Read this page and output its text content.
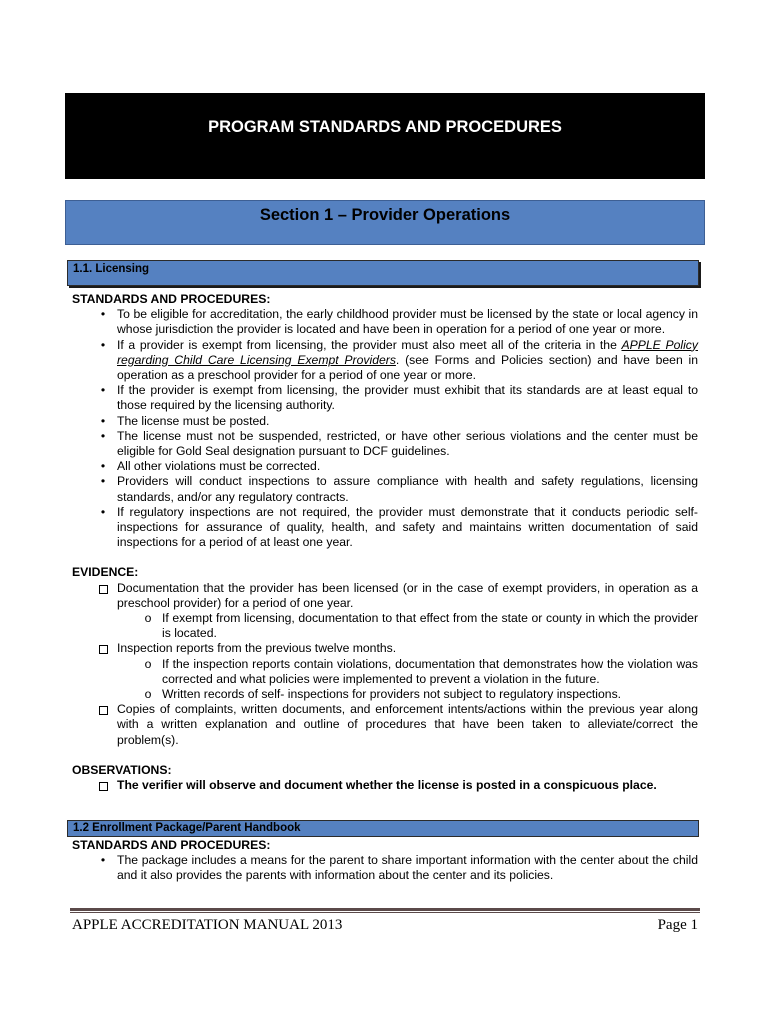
PROGRAM STANDARDS AND PROCEDURES
Section 1 – Provider Operations
1.1. Licensing

STANDARDS AND PROCEDURES:

• To be eligible for accreditation, the early childhood provider must be licensed by the state or local agency in whose jurisdiction the provider is located and have been in operation for a period of one year or more.
• If a provider is exempt from licensing, the provider must also meet all of the criteria in the APPLE Policy regarding Child Care Licensing Exempt Providers. (see Forms and Policies section) and have been in operation as a preschool provider for a period of one year or more.
• If the provider is exempt from licensing, the provider must exhibit that its standards are at least equal to those required by the licensing authority.
• The license must be posted.
• The license must not be suspended, restricted, or have other serious violations and the center must be eligible for Gold Seal designation pursuant to DCF guidelines.
• All other violations must be corrected.
• Providers will conduct inspections to assure compliance with health and safety regulations, licensing standards, and/or any regulatory contracts.
• If regulatory inspections are not required, the provider must demonstrate that it conducts periodic self-inspections for assurance of quality, health, and safety and maintains written documentation of said inspections for a period of at least one year.

EVIDENCE:

Documentation that the provider has been licensed (or in the case of exempt providers, in operation as a preschool provider) for a period of one year.
o If exempt from licensing, documentation to that effect from the state or county in which the provider is located.
Inspection reports from the previous twelve months.
o If the inspection reports contain violations, documentation that demonstrates how the violation was corrected and what policies were implemented to prevent a violation in the future.
o Written records of self- inspections for providers not subject to regulatory inspections.
Copies of complaints, written documents, and enforcement intents/actions within the previous year along with a written explanation and outline of procedures that have been taken to alleviate/correct the problem(s).

OBSERVATIONS:

The verifier will observe and document whether the license is posted in a conspicuous place.
1.2 Enrollment Package/Parent Handbook

STANDARDS AND PROCEDURES:

• The package includes a means for the parent to share important information with the center about the child and it also provides the parents with information about the center and its policies.
APPLE ACCREDITATION MANUAL 2013	Page 1
